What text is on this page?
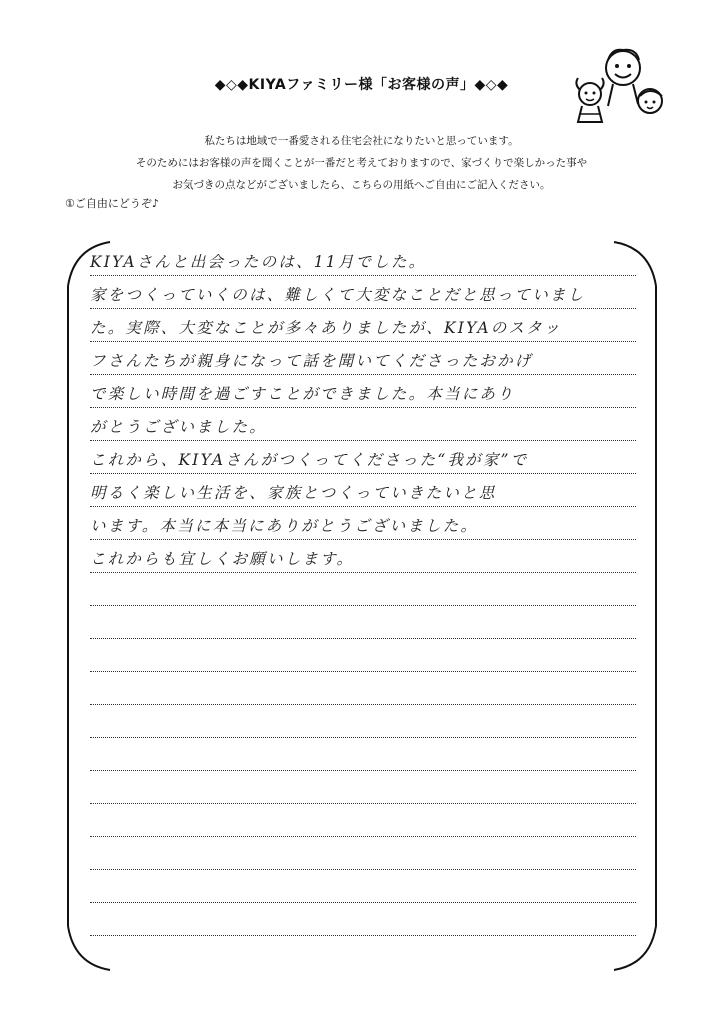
◆◇◆KIYAファミリー様「お客様の声」◆◇◆
私たちは地域で一番愛される住宅会社になりたいと思っています。
そのためにはお客様の声を聞くことが一番だと考えておりますので、家づくりで楽しかった事や
お気づきの点などがございましたら、こちらの用紙へご自由にご記入ください。
①ご自由にどうぞ♪
KIYAさんと出会ったのは、11月でした。
家をつくっていくのは、難しくて大変なことだと思っていまし
た。実際、大変なことが多々ありましたが、KIYAのスタッ
フさんたちが親身になって話を聞いてくださったおかげ
で楽しい時間を過ごすことができました。本当にあり
がとうございました。
これから、KIYAさんがつくってくださった“我が家”で
明るく楽しい生活を、家族とつくっていきたいと思
います。本当に本当にありがとうございました。
これからも宜しくお願いします。
